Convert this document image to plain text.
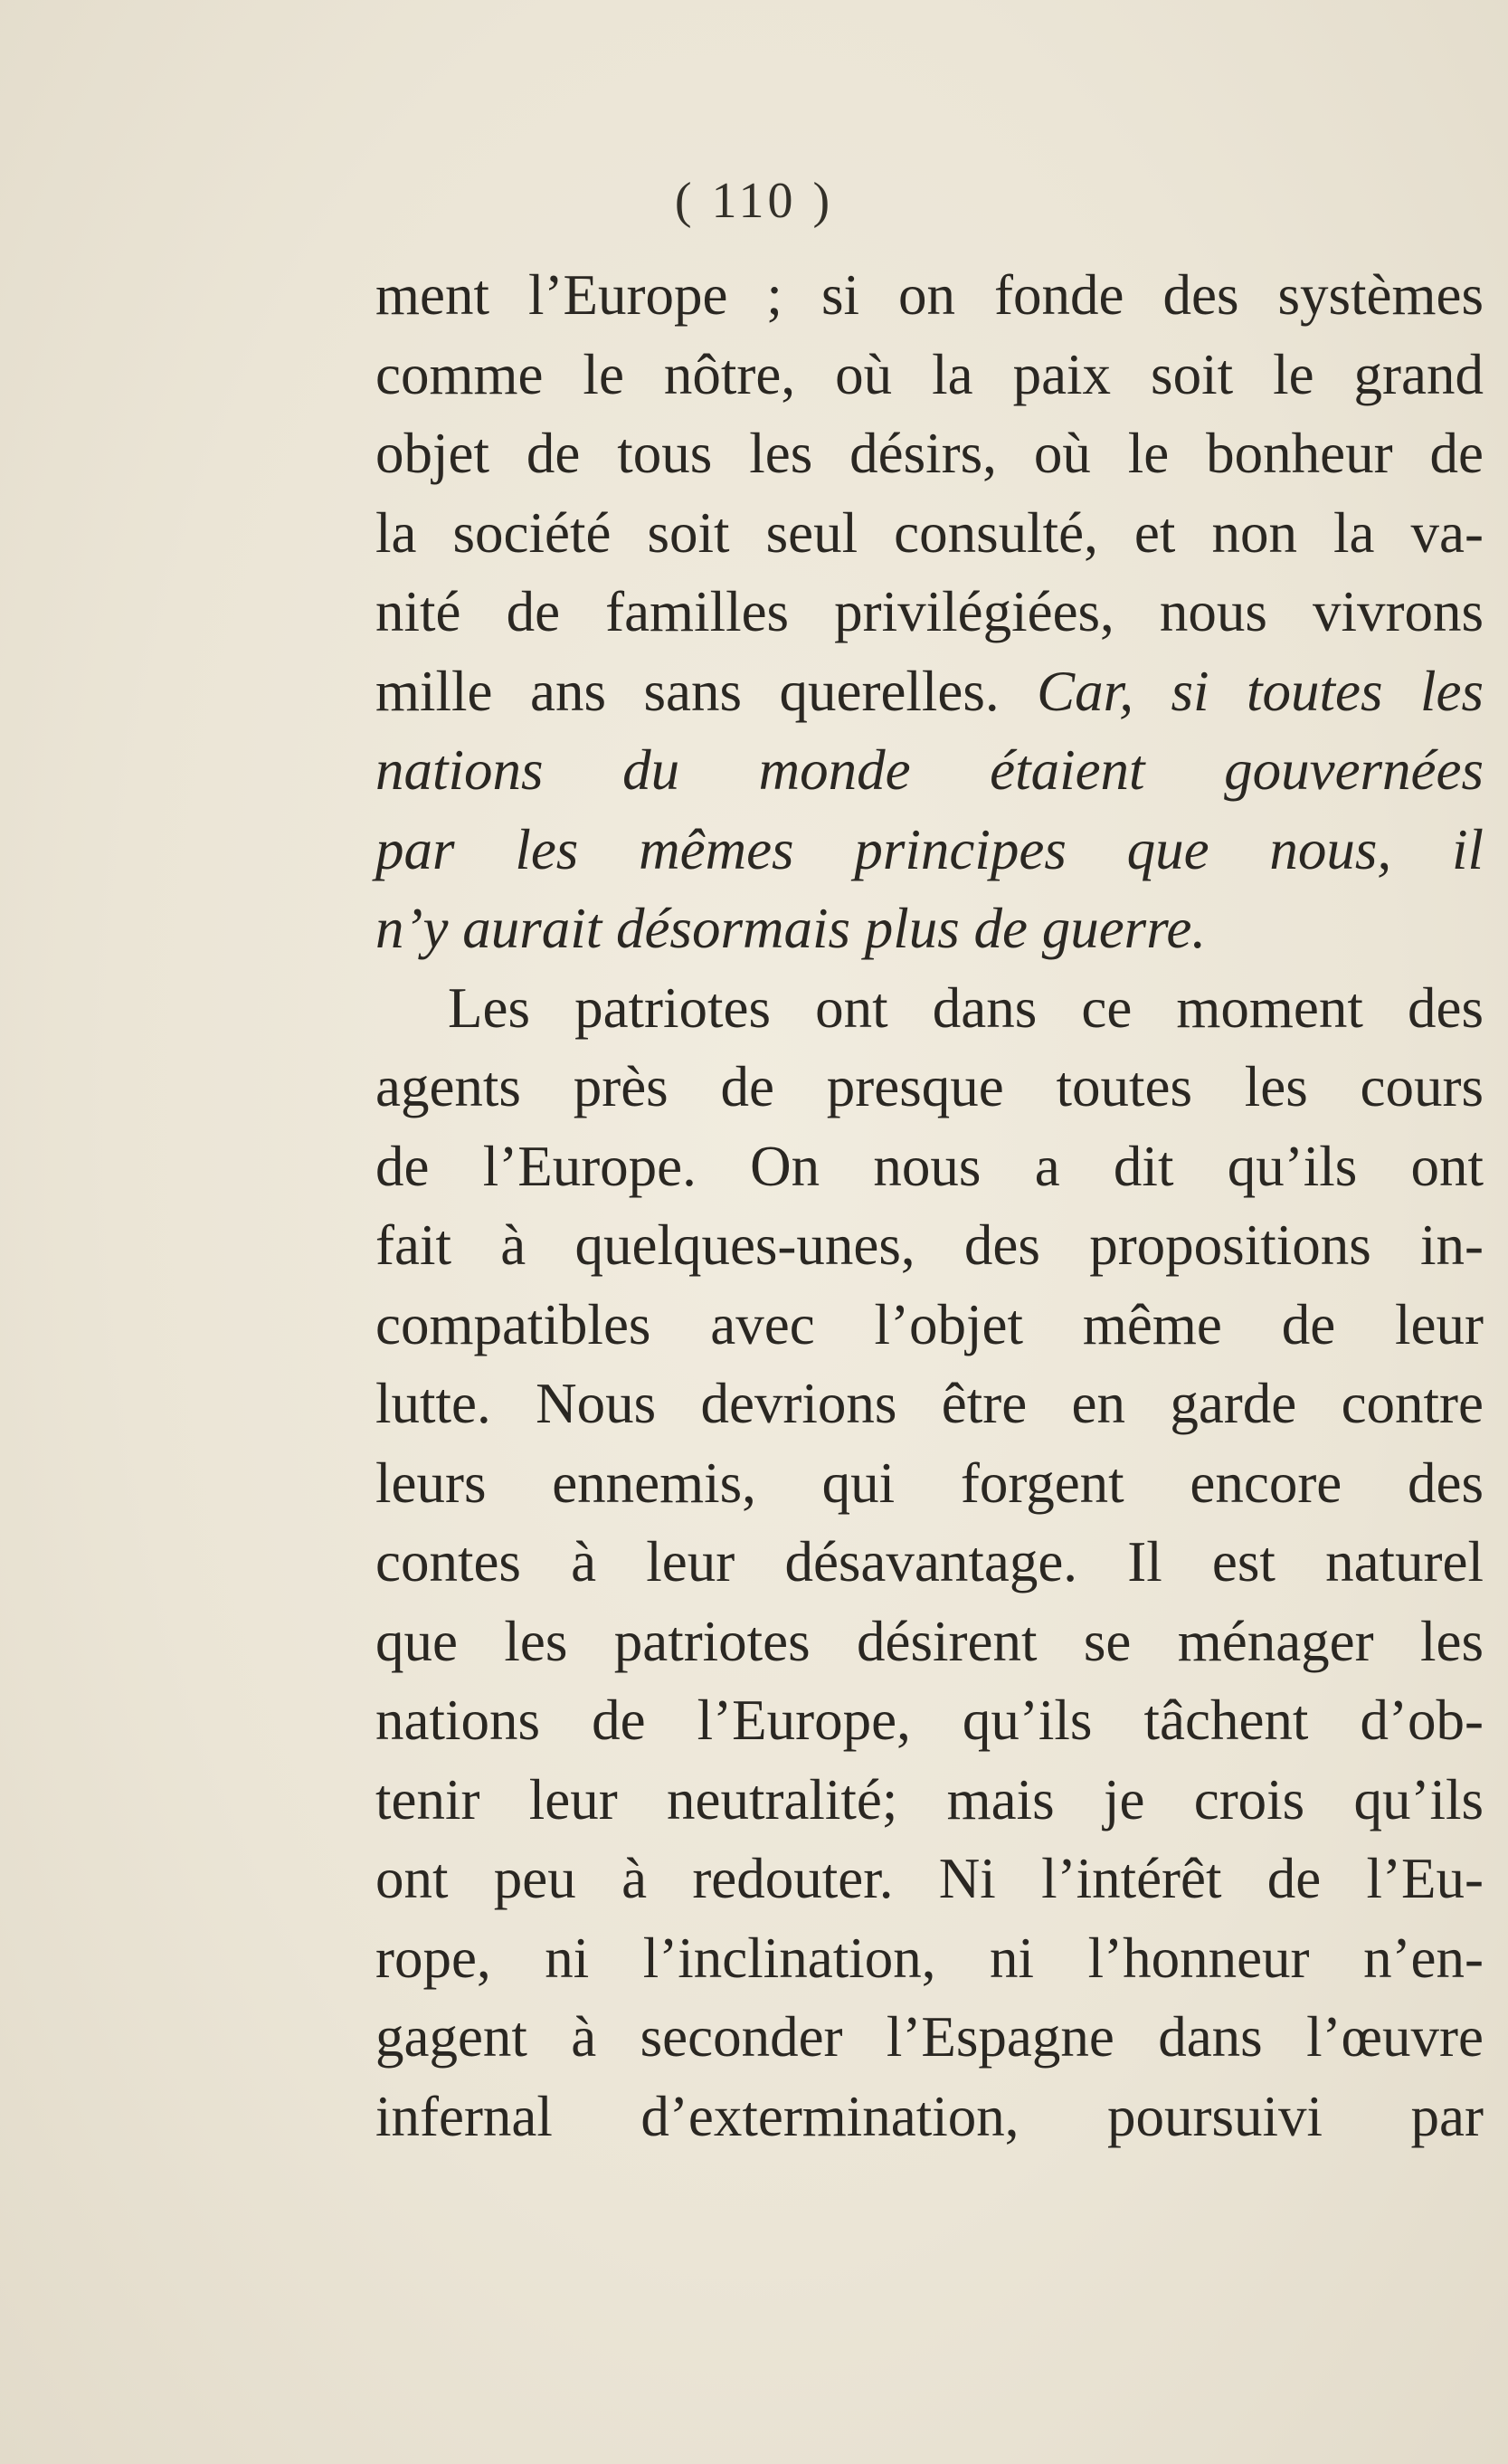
( 110 )
ment l’Europe ; si on fonde des systèmes
comme le nôtre, où la paix soit le grand
objet de tous les désirs, où le bonheur de
la société soit seul consulté, et non la va-
nité de familles privilégiées, nous vivrons
mille ans sans querelles. Car, si toutes les
nations du monde étaient gouvernées
par les mêmes principes que nous, il
n’y aurait désormais plus de guerre.
Les patriotes ont dans ce moment des
agents près de presque toutes les cours
de l’Europe. On nous a dit qu’ils ont
fait à quelques-unes, des propositions in-
compatibles avec l’objet même de leur
lutte. Nous devrions être en garde contre
leurs ennemis, qui forgent encore des
contes à leur désavantage. Il est naturel
que les patriotes désirent se ménager les
nations de l’Europe, qu’ils tâchent d’ob-
tenir leur neutralité; mais je crois qu’ils
ont peu à redouter. Ni l’intérêt de l’Eu-
rope, ni l’inclination, ni l’honneur n’en-
gagent à seconder l’Espagne dans l’œuvre
infernal d’extermination, poursuivi par
